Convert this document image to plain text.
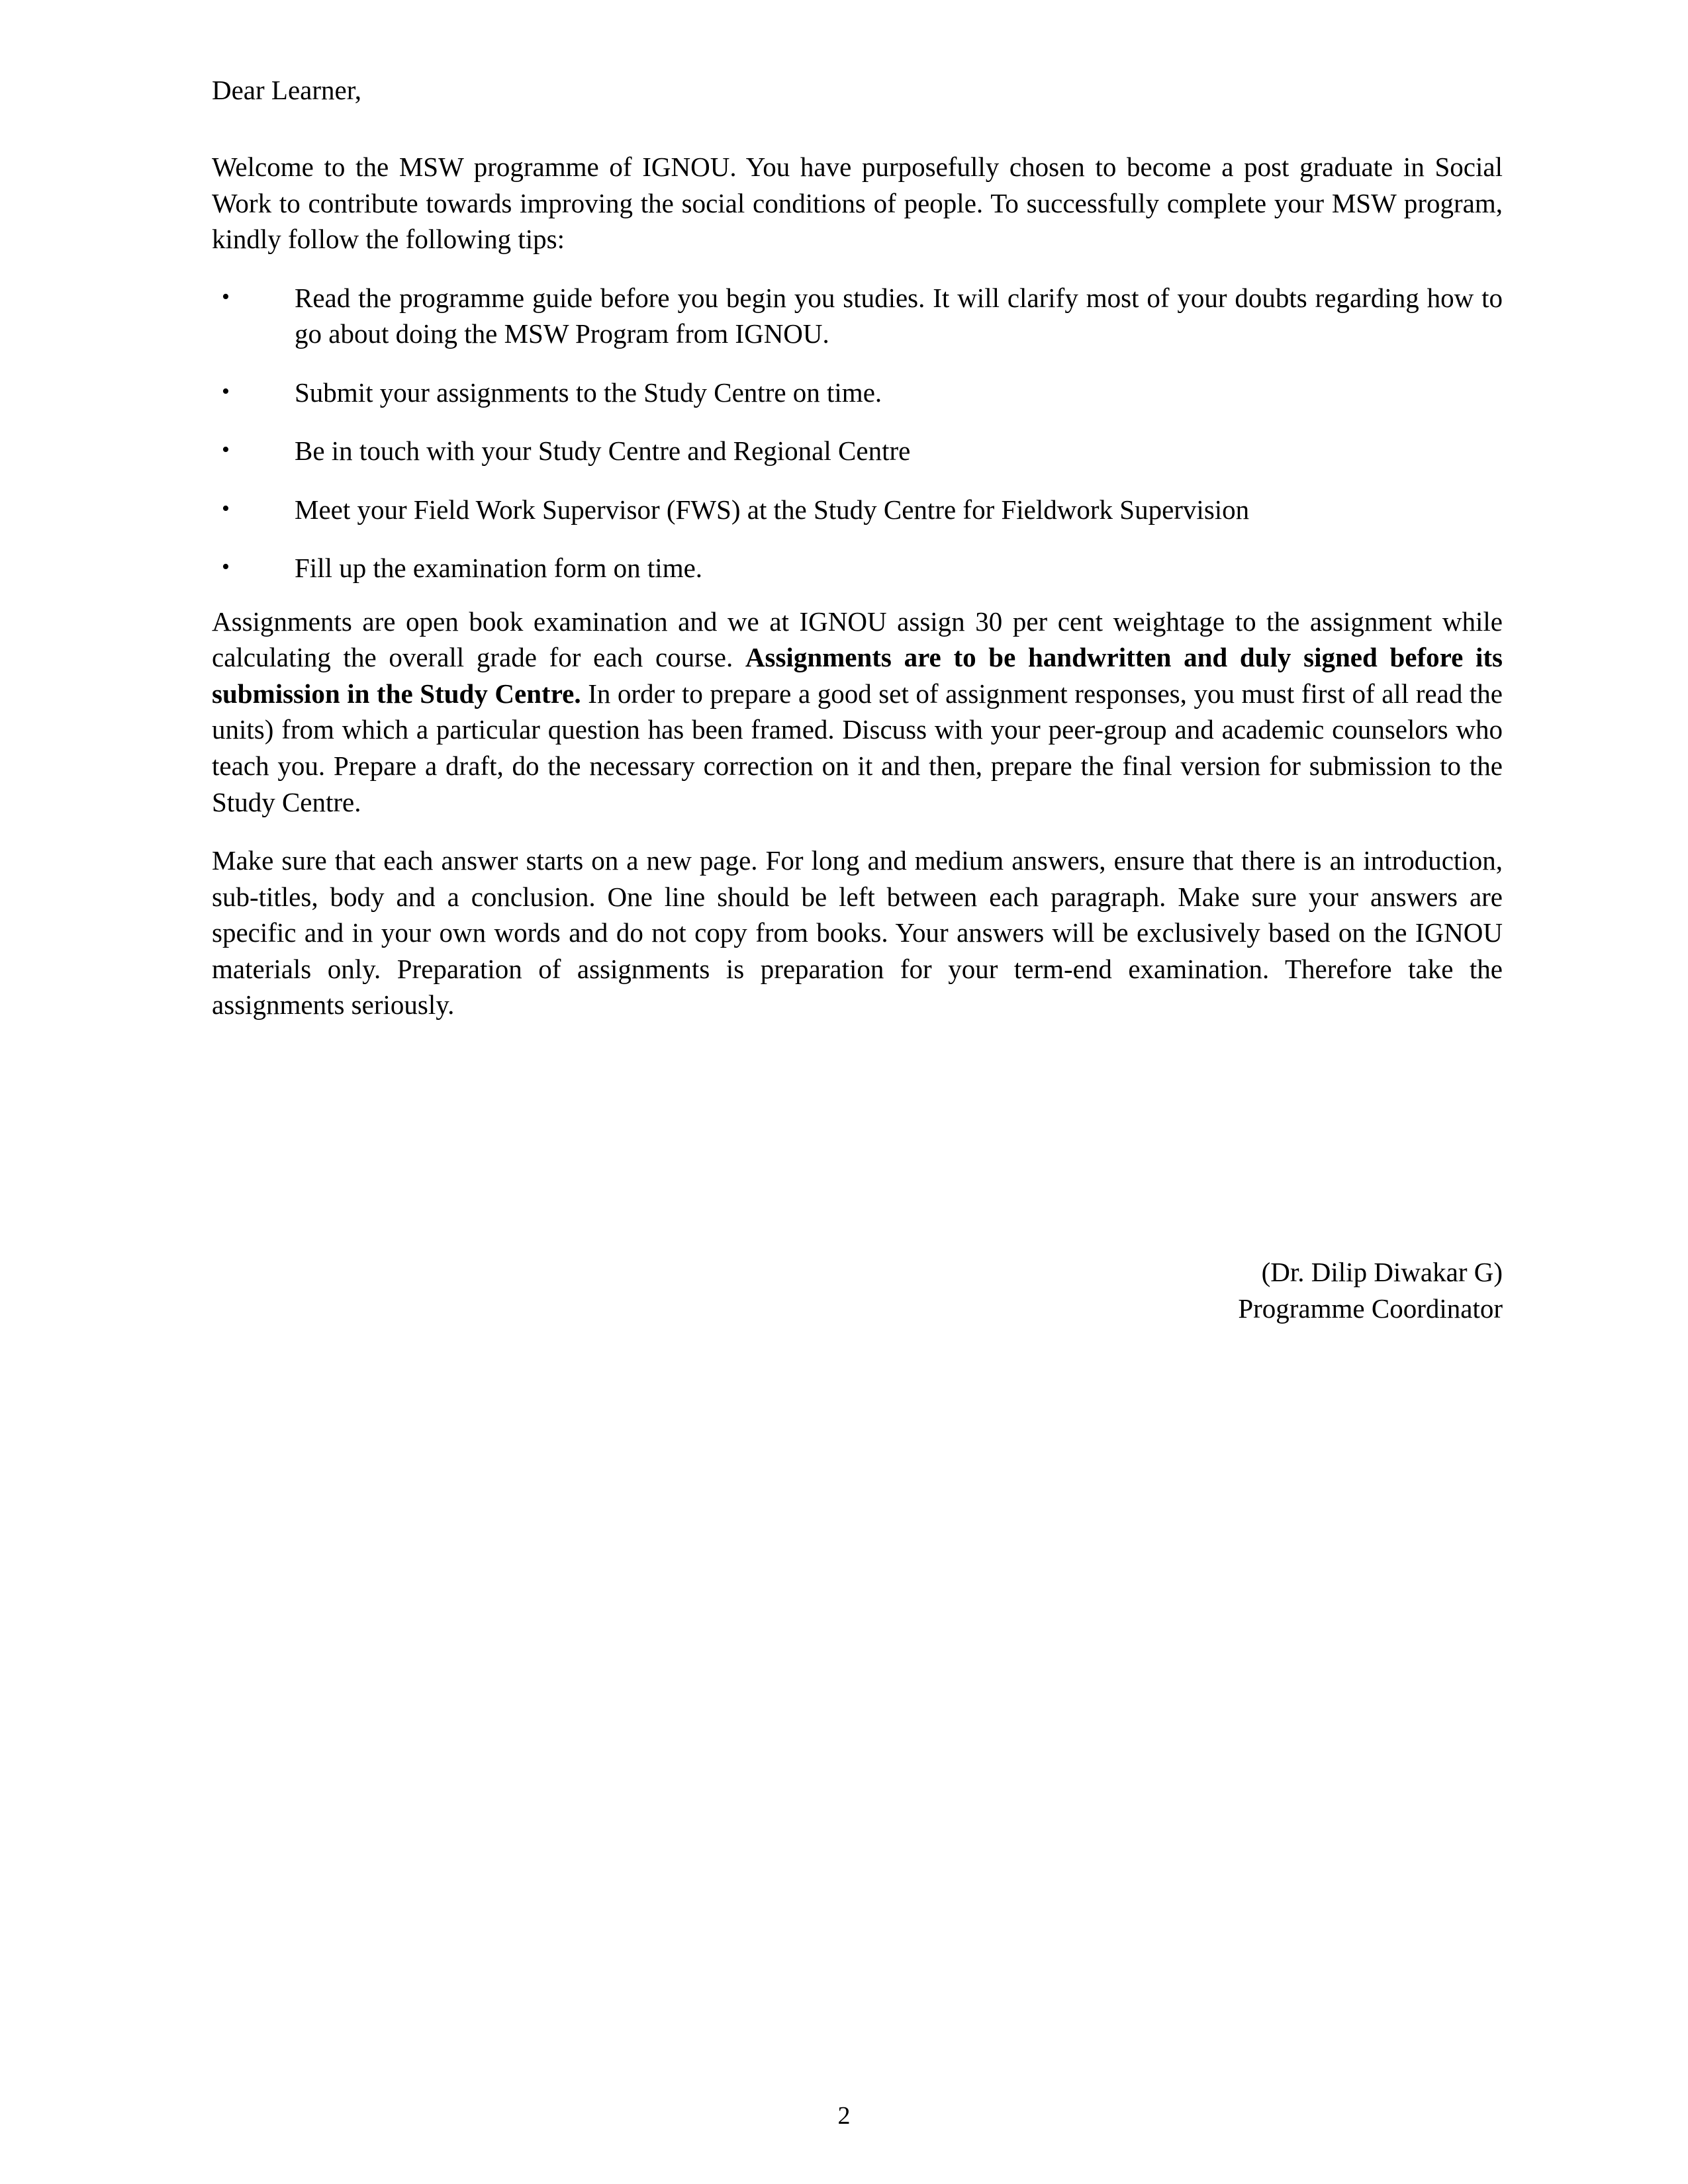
Dear Learner,

Welcome to the MSW programme of IGNOU. You have purposefully chosen to become a post graduate in Social Work to contribute towards improving the social conditions of people. To successfully complete your MSW program, kindly follow the following tips:

• Read the programme guide before you begin you studies. It will clarify most of your doubts regarding how to go about doing the MSW Program from IGNOU.
• Submit your assignments to the Study Centre on time.
• Be in touch with your Study Centre and Regional Centre
• Meet your Field Work Supervisor (FWS) at the Study Centre for Fieldwork Supervision
• Fill up the examination form on time.

Assignments are open book examination and we at IGNOU assign 30 per cent weightage to the assignment while calculating the overall grade for each course. Assignments are to be handwritten and duly signed before its submission in the Study Centre. In order to prepare a good set of assignment responses, you must first of all read the units) from which a particular question has been framed. Discuss with your peer-group and academic counselors who teach you. Prepare a draft, do the necessary correction on it and then, prepare the final version for submission to the Study Centre.

Make sure that each answer starts on a new page. For long and medium answers, ensure that there is an introduction, sub-titles, body and a conclusion. One line should be left between each paragraph. Make sure your answers are specific and in your own words and do not copy from books. Your answers will be exclusively based on the IGNOU materials only. Preparation of assignments is preparation for your term-end examination. Therefore take the assignments seriously.

(Dr. Dilip Diwakar G)
Programme Coordinator
2
